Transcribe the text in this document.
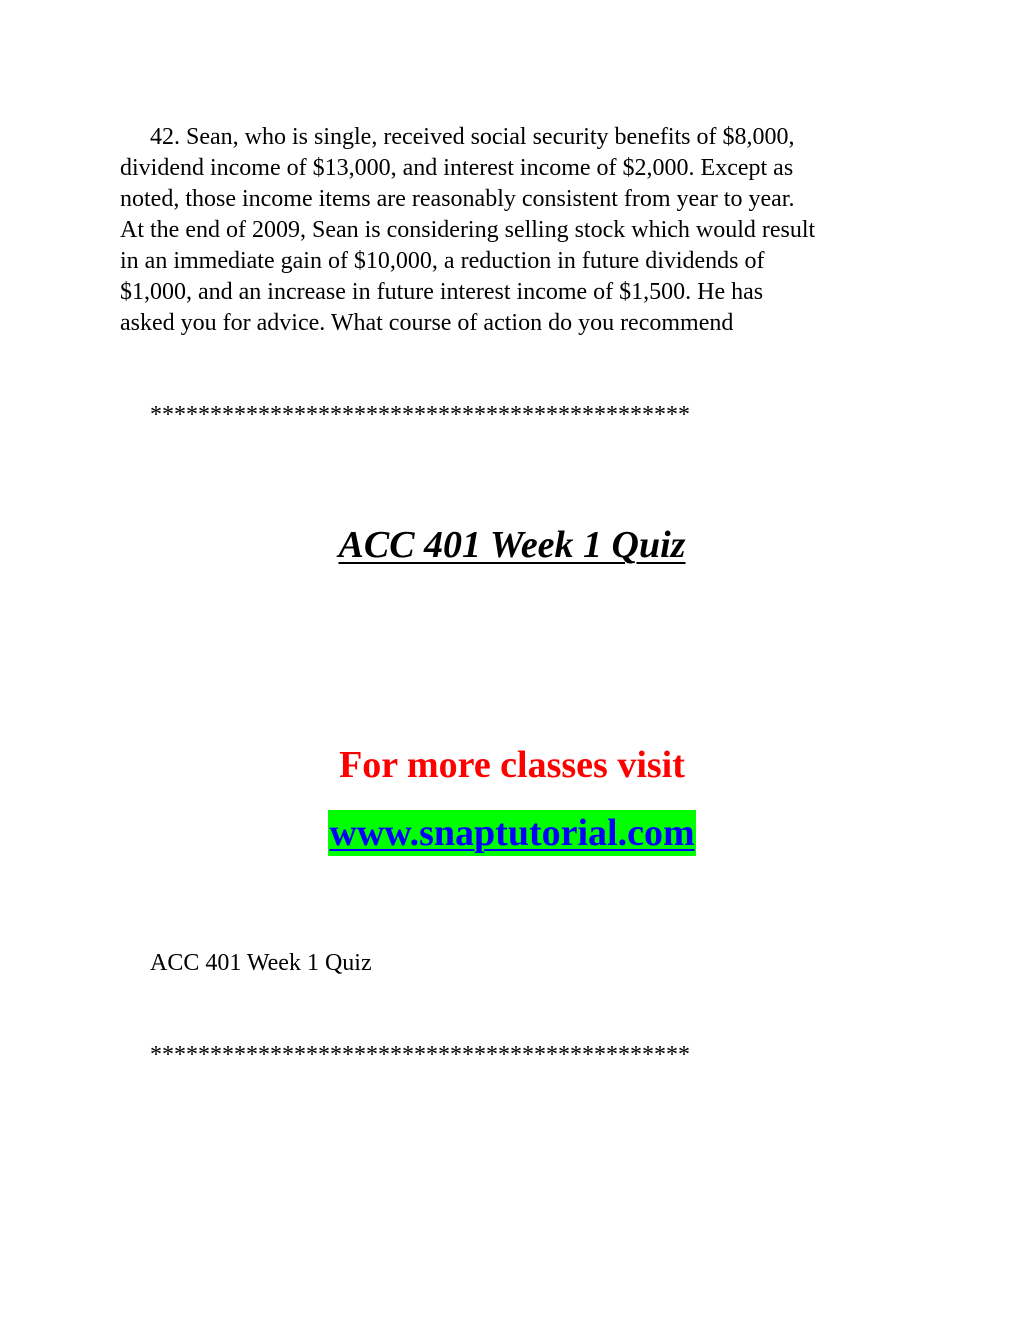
42. Sean, who is single, received social security benefits of $8,000,
dividend income of $13,000, and interest income of $2,000. Except as
noted, those income items are reasonably consistent from year to year.
At the end of 2009, Sean is considering selling stock which would result
in an immediate gain of $10,000, a reduction in future dividends of
$1,000, and an increase in future interest income of $1,500. He has
asked you for advice. What course of action do you recommend

*********************************************
ACC 401 Week 1 Quiz
For more classes visit
www.snaptutorial.com

ACC 401 Week 1 Quiz

*********************************************
